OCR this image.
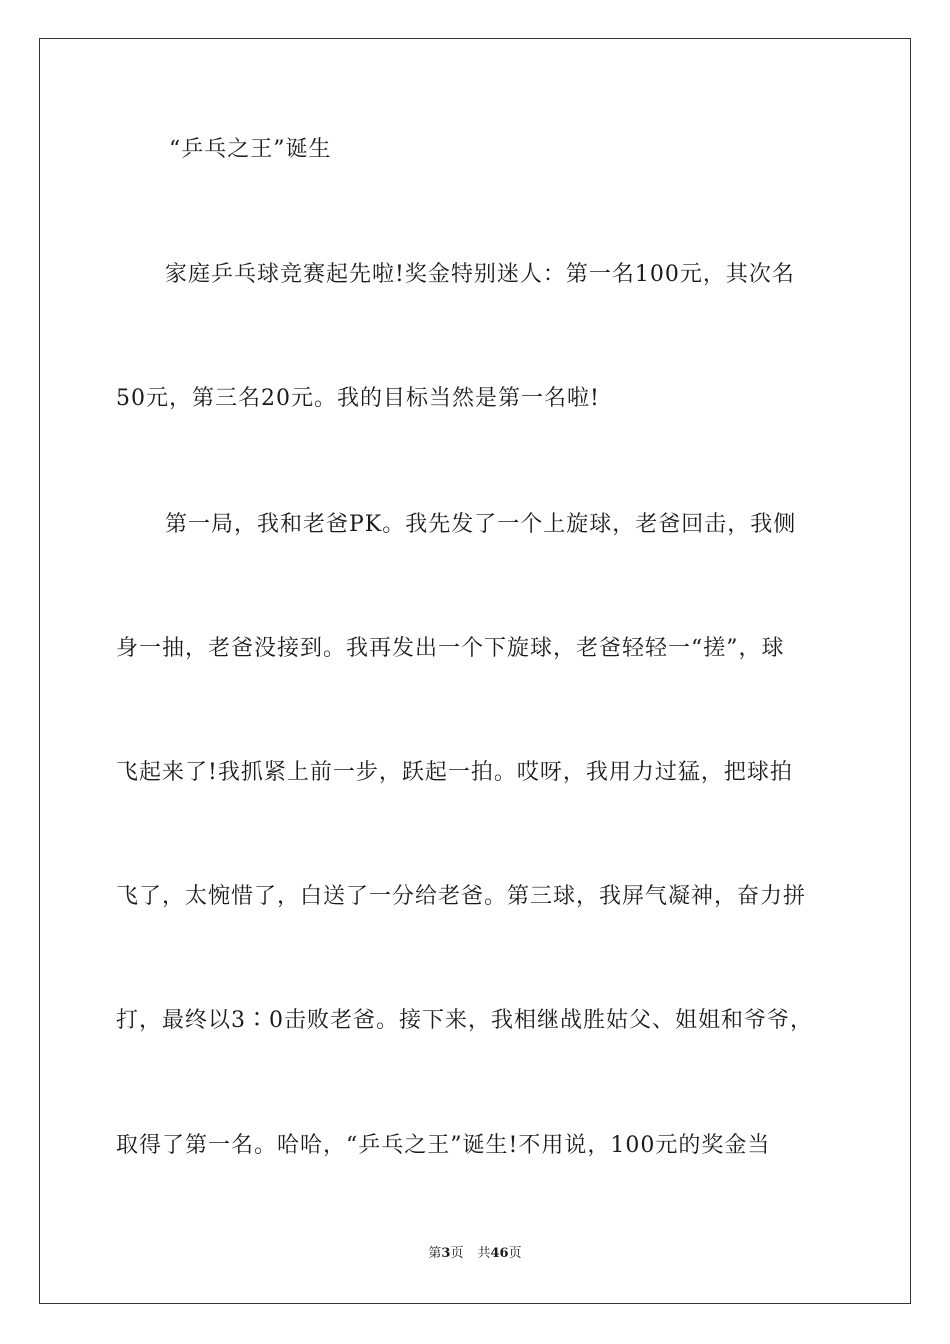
“乒乓之王”诞生
家庭乒乓球竞赛起先啦!奖金特别迷人：第一名100元，其次名
50元，第三名20元。我的目标当然是第一名啦!
第一局，我和老爸PK。我先发了一个上旋球，老爸回击，我侧
身一抽，老爸没接到。我再发出一个下旋球，老爸轻轻一“搓”，球
飞起来了!我抓紧上前一步，跃起一拍。哎呀，我用力过猛，把球拍
飞了，太惋惜了，白送了一分给老爸。第三球，我屏气凝神，奋力拼
打，最终以3∶0击败老爸。接下来，我相继战胜姑父、姐姐和爷爷，
取得了第一名。哈哈，“乒乓之王”诞生!不用说，100元的奖金当
第3页 共46页
